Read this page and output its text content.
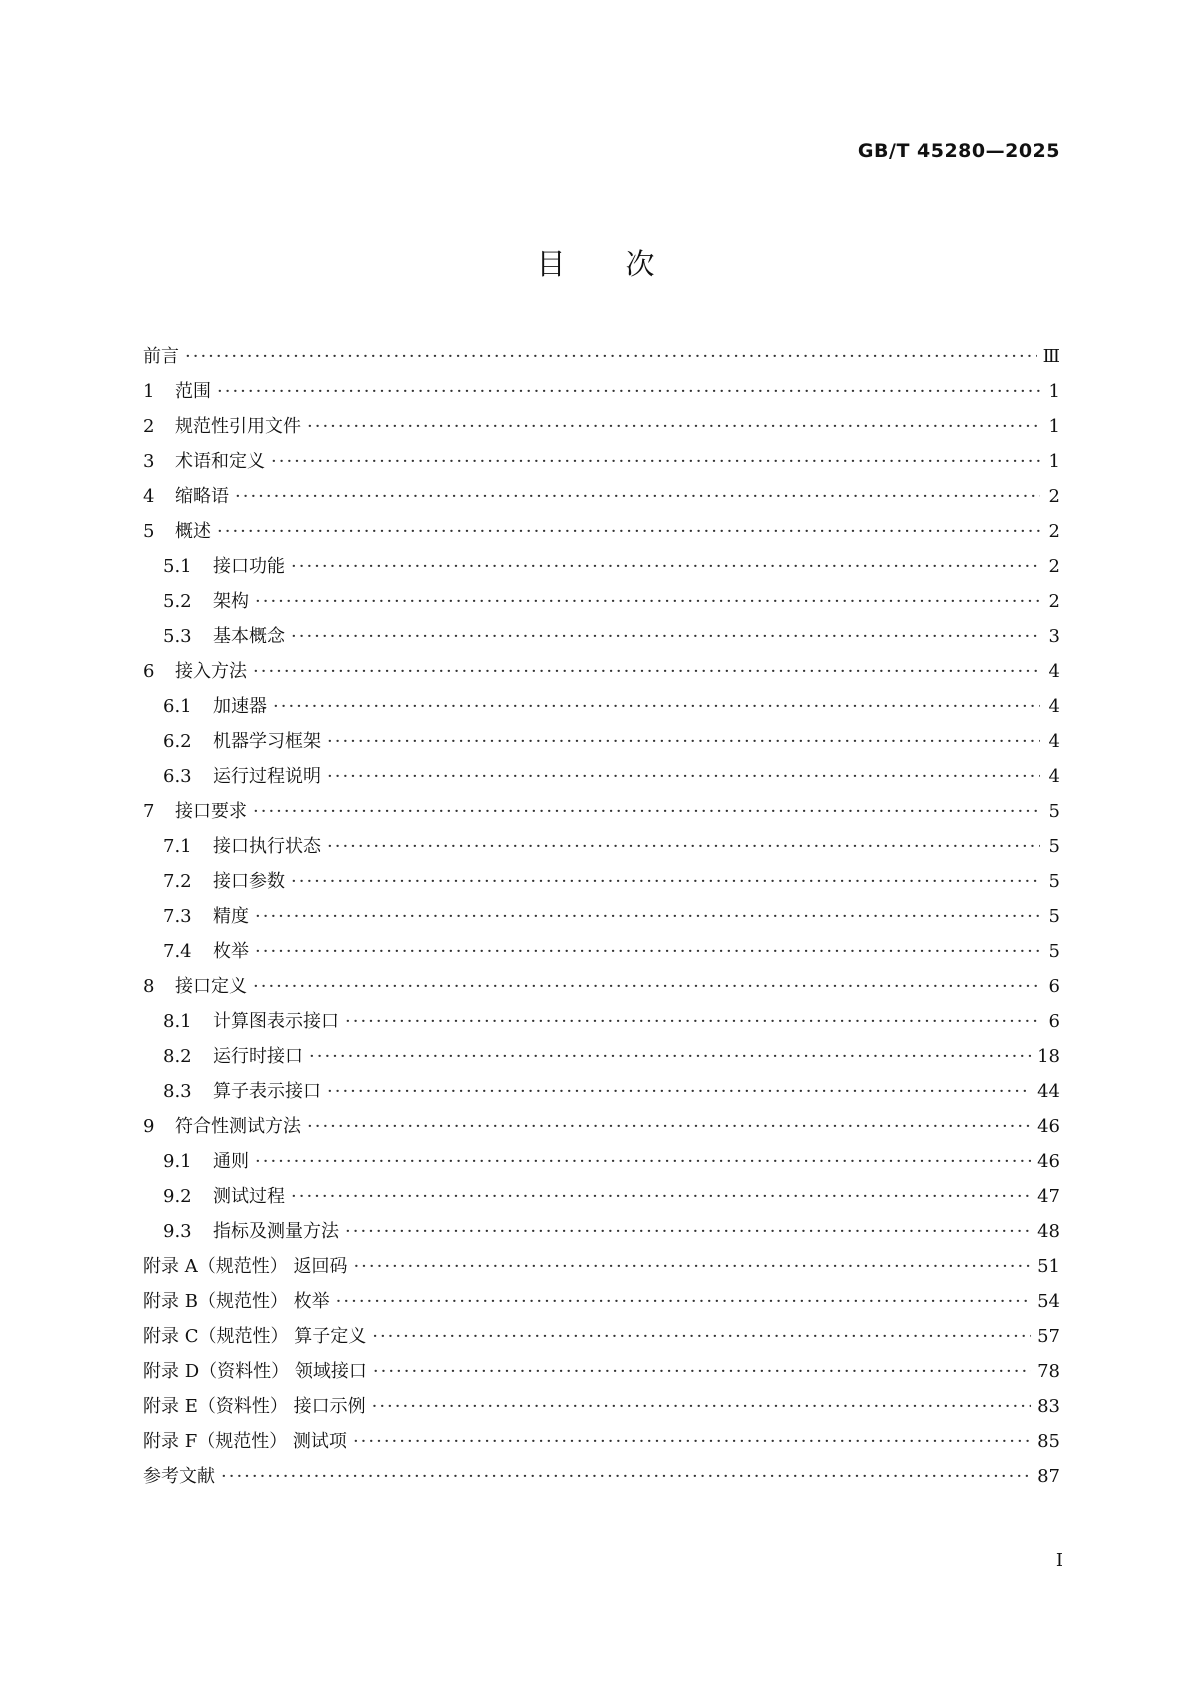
GB/T 45280—2025
目次
前言 ·····	Ⅲ
1	范围 ·····	1
2	规范性引用文件 ·····	1
3	术语和定义 ·····	1
4	缩略语 ·····	2
5	概述 ·····	2
5.1	接口功能 ·····	2
5.2	架构 ·····	2
5.3	基本概念 ·····	3
6	接入方法 ·····	4
6.1	加速器 ·····	4
6.2	机器学习框架 ·····	4
6.3	运行过程说明 ·····	4
7	接口要求 ·····	5
7.1	接口执行状态 ·····	5
7.2	接口参数 ·····	5
7.3	精度 ·····	5
7.4	枚举 ·····	5
8	接口定义 ·····	6
8.1	计算图表示接口 ·····	6
8.2	运行时接口 ·····	18
8.3	算子表示接口 ·····	44
9	符合性测试方法 ·····	46
9.1	通则 ·····	46
9.2	测试过程 ·····	47
9.3	指标及测量方法 ·····	48
附录 A（规范性） 返回码 ·····	51
附录 B（规范性） 枚举 ·····	54
附录 C（规范性） 算子定义 ·····	57
附录 D（资料性） 领域接口 ·····	78
附录 E（资料性） 接口示例 ·····	83
附录 F（规范性） 测试项 ·····	85
参考文献 ·····	87
I
